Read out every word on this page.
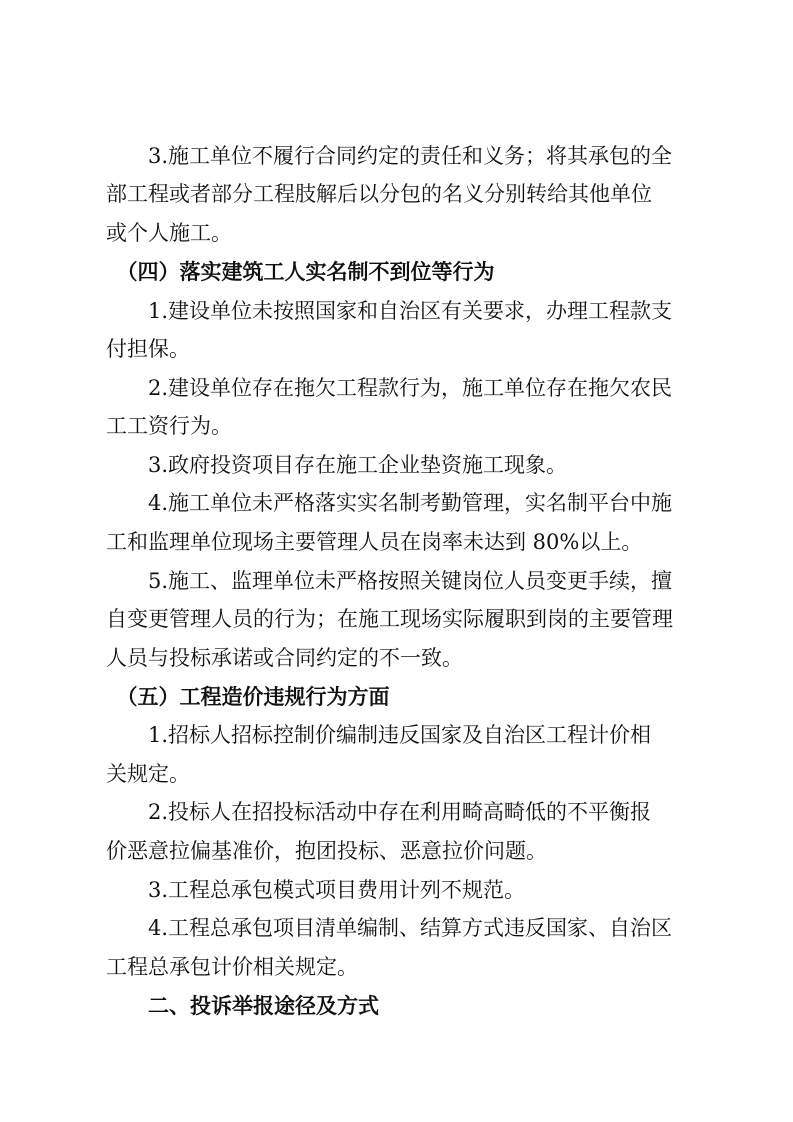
　　3.施工单位不履行合同约定的责任和义务；将其承包的全
部工程或者部分工程肢解后以分包的名义分别转给其他单位
或个人施工。
　（四）落实建筑工人实名制不到位等行为
　　1.建设单位未按照国家和自治区有关要求，办理工程款支
付担保。
　　2.建设单位存在拖欠工程款行为，施工单位存在拖欠农民
工工资行为。
　　3.政府投资项目存在施工企业垫资施工现象。
　　4.施工单位未严格落实实名制考勤管理，实名制平台中施
工和监理单位现场主要管理人员在岗率未达到 80%以上。
　　5.施工、监理单位未严格按照关键岗位人员变更手续，擅
自变更管理人员的行为；在施工现场实际履职到岗的主要管理
人员与投标承诺或合同约定的不一致。
　（五）工程造价违规行为方面
　　1.招标人招标控制价编制违反国家及自治区工程计价相
关规定。
　　2.投标人在招投标活动中存在利用畸高畸低的不平衡报
价恶意拉偏基准价，抱团投标、恶意拉价问题。
　　3.工程总承包模式项目费用计列不规范。
　　4.工程总承包项目清单编制、结算方式违反国家、自治区
工程总承包计价相关规定。
　　二、投诉举报途径及方式
